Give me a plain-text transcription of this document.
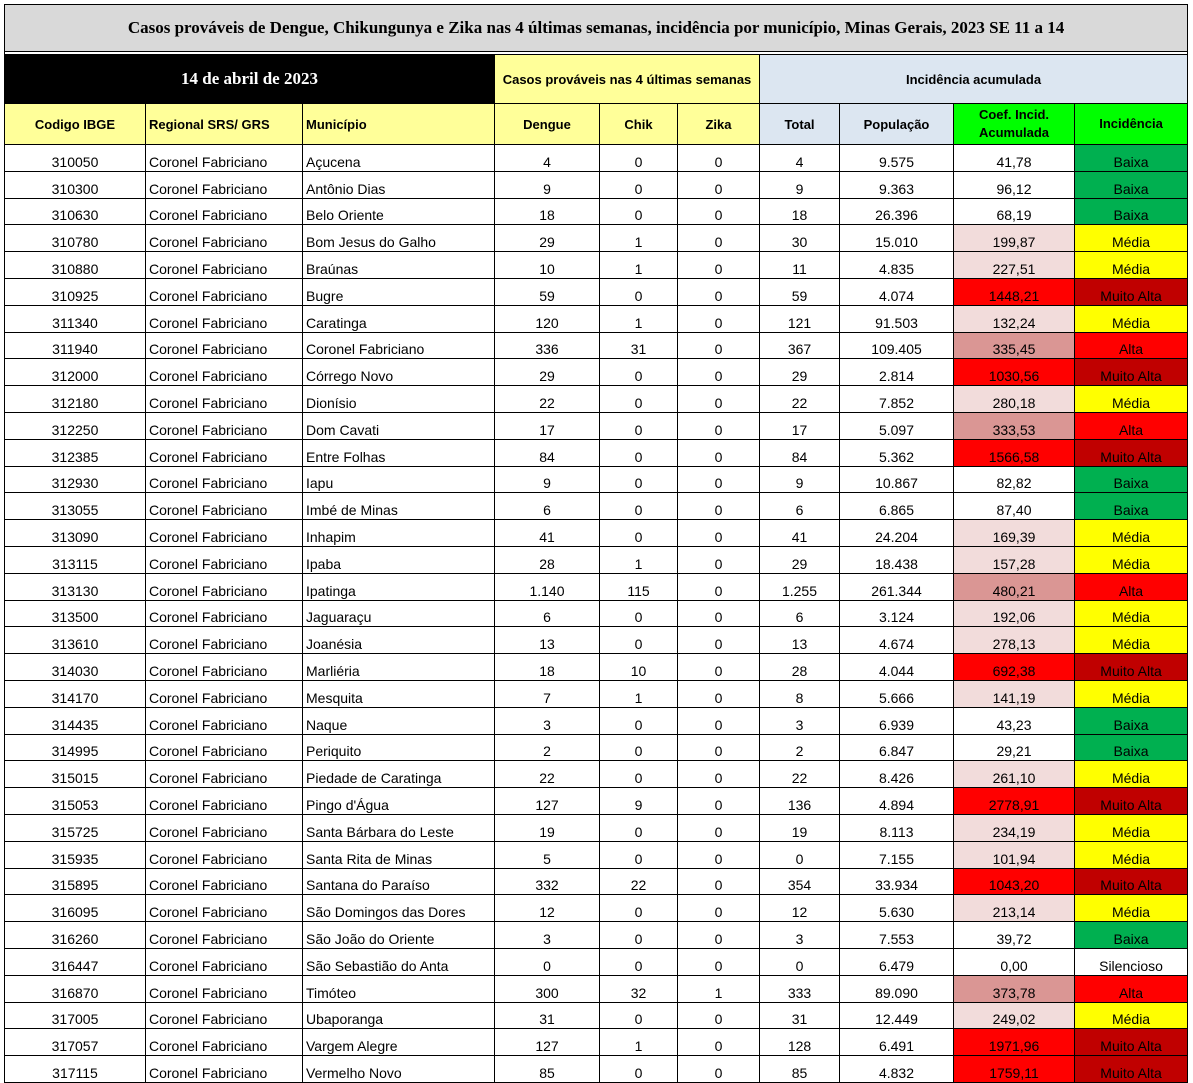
Casos prováveis de Dengue, Chikungunya e Zika nas 4 últimas semanas, incidência por município, Minas Gerais, 2023 SE 11 a 14									

14 de abril de 2023			Casos prováveis nas 4 últimas semanas			Incidência acumulada			
Codigo IBGE	Regional SRS/ GRS	Município	Dengue	Chik	Zika	Total	População	Coef. Incid. Acumulada	Incidência
310050	Coronel Fabriciano	Açucena	4	0	0	4	9.575	41,78	Baixa
310300	Coronel Fabriciano	Antônio Dias	9	0	0	9	9.363	96,12	Baixa
310630	Coronel Fabriciano	Belo Oriente	18	0	0	18	26.396	68,19	Baixa
310780	Coronel Fabriciano	Bom Jesus do Galho	29	1	0	30	15.010	199,87	Média
310880	Coronel Fabriciano	Braúnas	10	1	0	11	4.835	227,51	Média
310925	Coronel Fabriciano	Bugre	59	0	0	59	4.074	1448,21	Muito Alta
311340	Coronel Fabriciano	Caratinga	120	1	0	121	91.503	132,24	Média
311940	Coronel Fabriciano	Coronel Fabriciano	336	31	0	367	109.405	335,45	Alta
312000	Coronel Fabriciano	Córrego Novo	29	0	0	29	2.814	1030,56	Muito Alta
312180	Coronel Fabriciano	Dionísio	22	0	0	22	7.852	280,18	Média
312250	Coronel Fabriciano	Dom Cavati	17	0	0	17	5.097	333,53	Alta
312385	Coronel Fabriciano	Entre Folhas	84	0	0	84	5.362	1566,58	Muito Alta
312930	Coronel Fabriciano	Iapu	9	0	0	9	10.867	82,82	Baixa
313055	Coronel Fabriciano	Imbé de Minas	6	0	0	6	6.865	87,40	Baixa
313090	Coronel Fabriciano	Inhapim	41	0	0	41	24.204	169,39	Média
313115	Coronel Fabriciano	Ipaba	28	1	0	29	18.438	157,28	Média
313130	Coronel Fabriciano	Ipatinga	1.140	115	0	1.255	261.344	480,21	Alta
313500	Coronel Fabriciano	Jaguaraçu	6	0	0	6	3.124	192,06	Média
313610	Coronel Fabriciano	Joanésia	13	0	0	13	4.674	278,13	Média
314030	Coronel Fabriciano	Marliéria	18	10	0	28	4.044	692,38	Muito Alta
314170	Coronel Fabriciano	Mesquita	7	1	0	8	5.666	141,19	Média
314435	Coronel Fabriciano	Naque	3	0	0	3	6.939	43,23	Baixa
314995	Coronel Fabriciano	Periquito	2	0	0	2	6.847	29,21	Baixa
315015	Coronel Fabriciano	Piedade de Caratinga	22	0	0	22	8.426	261,10	Média
315053	Coronel Fabriciano	Pingo d'Água	127	9	0	136	4.894	2778,91	Muito Alta
315725	Coronel Fabriciano	Santa Bárbara do Leste	19	0	0	19	8.113	234,19	Média
315935	Coronel Fabriciano	Santa Rita de Minas	5	0	0	0	7.155	101,94	Média
315895	Coronel Fabriciano	Santana do Paraíso	332	22	0	354	33.934	1043,20	Muito Alta
316095	Coronel Fabriciano	São Domingos das Dores	12	0	0	12	5.630	213,14	Média
316260	Coronel Fabriciano	São João do Oriente	3	0	0	3	7.553	39,72	Baixa
316447	Coronel Fabriciano	São Sebastião do Anta	0	0	0	0	6.479	0,00	Silencioso
316870	Coronel Fabriciano	Timóteo	300	32	1	333	89.090	373,78	Alta
317005	Coronel Fabriciano	Ubaporanga	31	0	0	31	12.449	249,02	Média
317057	Coronel Fabriciano	Vargem Alegre	127	1	0	128	6.491	1971,96	Muito Alta
317115	Coronel Fabriciano	Vermelho Novo	85	0	0	85	4.832	1759,11	Muito Alta
